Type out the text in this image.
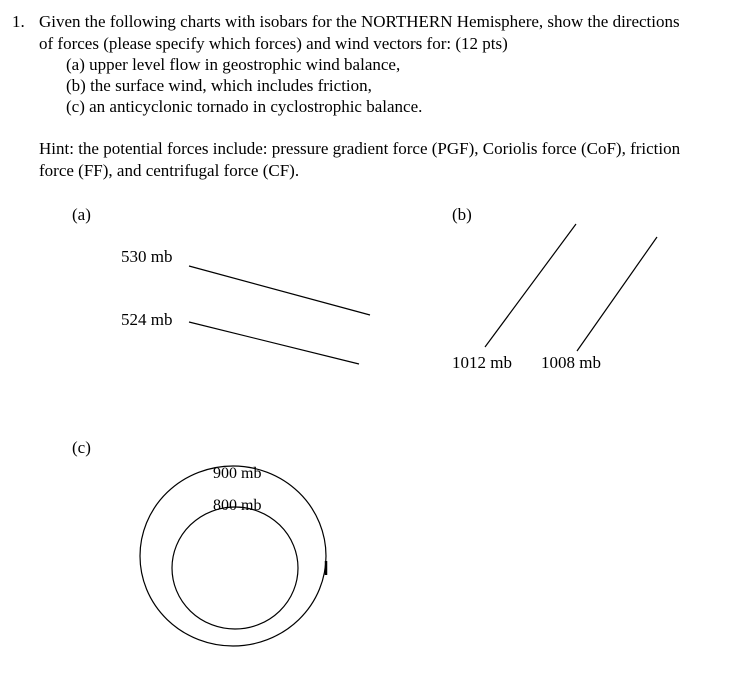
1. Given the following charts with isobars for the NORTHERN Hemisphere, show the directions
of forces (please specify which forces) and wind vectors for: (12 pts)
(a) upper level flow in geostrophic wind balance,
(b) the surface wind, which includes friction,
(c) an anticyclonic tornado in cyclostrophic balance.
Hint: the potential forces include: pressure gradient force (PGF), Coriolis force (CoF), friction
force (FF), and centrifugal force (CF).
(a)	(b)
(c)
530 mb
524 mb
1012 mb 1008 mb
900 mb
800 mb
